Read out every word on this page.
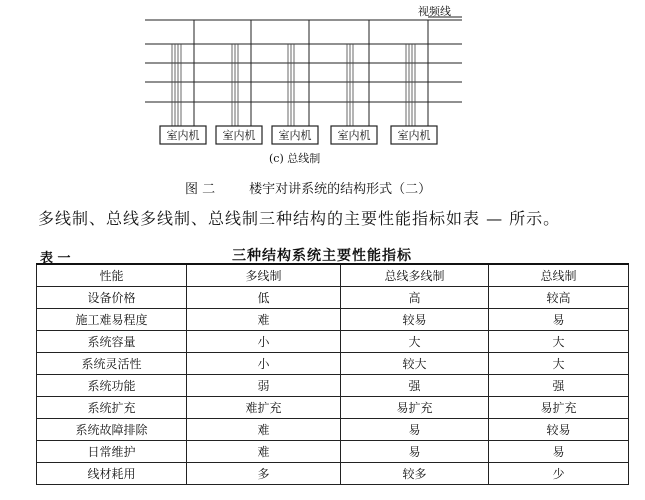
室内机 室内机 室内机 室内机 室内机
视频线
(c) 总线制
图 二	楼宇对讲系统的结构形式（二）
多线制、总线多线制、总线制三种结构的主要性能指标如表 — 所示。
表 一	三种结构系统主要性能指标
性能	多线制	总线多线制	总线制
设备价格	低	高	较高
施工难易程度	难	较易	易
系统容量	小	大	大
系统灵活性	小	较大	大
系统功能	弱	强	强
系统扩充	难扩充	易扩充	易扩充
系统故障排除	难	易	较易
日常维护	难	易	易
线材耗用	多	较多	少
